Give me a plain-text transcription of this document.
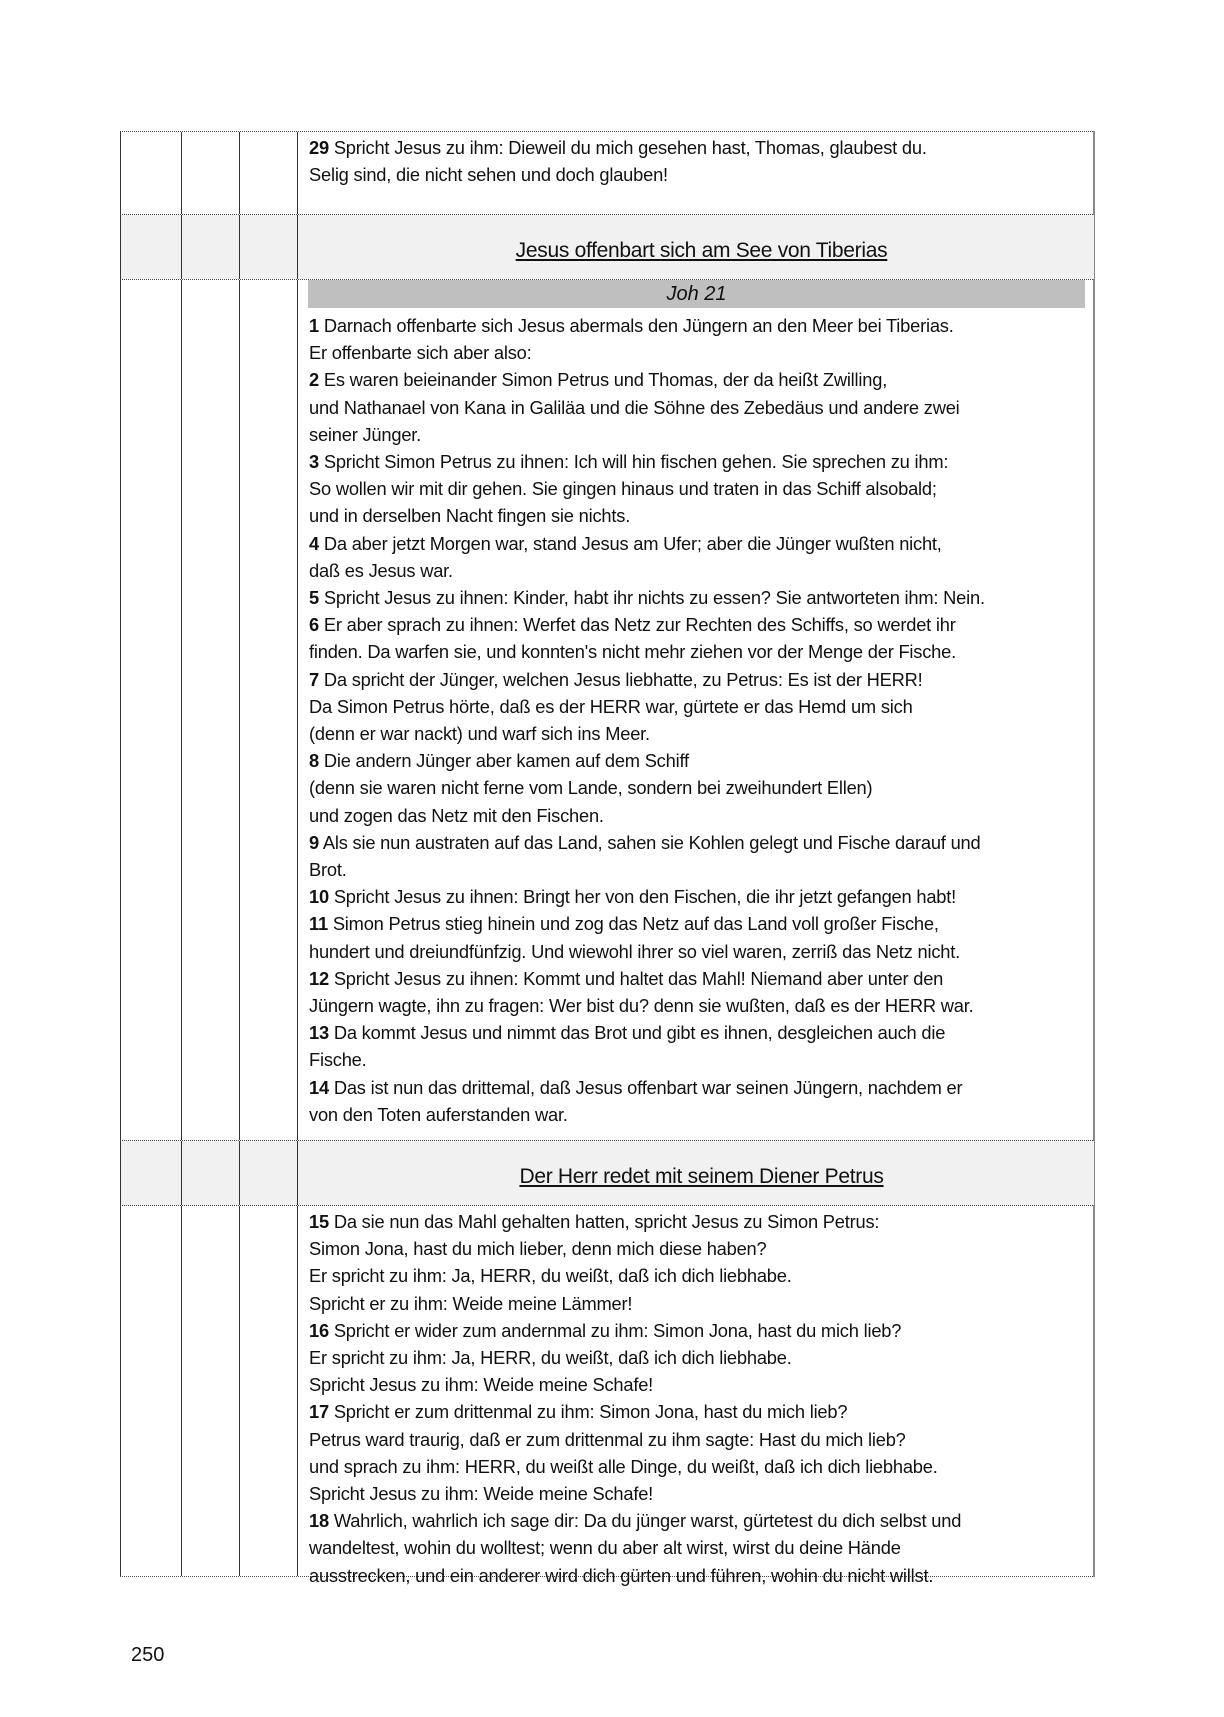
29 Spricht Jesus zu ihm: Dieweil du mich gesehen hast, Thomas, glaubest du.
Selig sind, die nicht sehen und doch glauben!
Jesus offenbart sich am See von Tiberias
Joh 21
1 Darnach offenbarte sich Jesus abermals den Jüngern an den Meer bei Tiberias.
Er offenbarte sich aber also:
2 Es waren beieinander Simon Petrus und Thomas, der da heißt Zwilling,
und Nathanael von Kana in Galiläa und die Söhne des Zebedäus und andere zwei
seiner Jünger.
3 Spricht Simon Petrus zu ihnen: Ich will hin fischen gehen. Sie sprechen zu ihm:
So wollen wir mit dir gehen. Sie gingen hinaus und traten in das Schiff alsobald;
und in derselben Nacht fingen sie nichts.
4 Da aber jetzt Morgen war, stand Jesus am Ufer; aber die Jünger wußten nicht,
daß es Jesus war.
5 Spricht Jesus zu ihnen: Kinder, habt ihr nichts zu essen? Sie antworteten ihm: Nein.
6 Er aber sprach zu ihnen: Werfet das Netz zur Rechten des Schiffs, so werdet ihr
finden. Da warfen sie, und konnten's nicht mehr ziehen vor der Menge der Fische.
7 Da spricht der Jünger, welchen Jesus liebhatte, zu Petrus: Es ist der HERR!
Da Simon Petrus hörte, daß es der HERR war, gürtete er das Hemd um sich
(denn er war nackt) und warf sich ins Meer.
8 Die andern Jünger aber kamen auf dem Schiff
(denn sie waren nicht ferne vom Lande, sondern bei zweihundert Ellen)
und zogen das Netz mit den Fischen.
9 Als sie nun austraten auf das Land, sahen sie Kohlen gelegt und Fische darauf und
Brot.
10 Spricht Jesus zu ihnen: Bringt her von den Fischen, die ihr jetzt gefangen habt!
11 Simon Petrus stieg hinein und zog das Netz auf das Land voll großer Fische,
hundert und dreiundfünfzig. Und wiewohl ihrer so viel waren, zerriß das Netz nicht.
12 Spricht Jesus zu ihnen: Kommt und haltet das Mahl! Niemand aber unter den
Jüngern wagte, ihn zu fragen: Wer bist du? denn sie wußten, daß es der HERR war.
13 Da kommt Jesus und nimmt das Brot und gibt es ihnen, desgleichen auch die
Fische.
14 Das ist nun das drittemal, daß Jesus offenbart war seinen Jüngern, nachdem er
von den Toten auferstanden war.
Der Herr redet mit seinem Diener Petrus
15 Da sie nun das Mahl gehalten hatten, spricht Jesus zu Simon Petrus:
Simon Jona, hast du mich lieber, denn mich diese haben?
Er spricht zu ihm: Ja, HERR, du weißt, daß ich dich liebhabe.
Spricht er zu ihm: Weide meine Lämmer!
16 Spricht er wider zum andernmal zu ihm: Simon Jona, hast du mich lieb?
Er spricht zu ihm: Ja, HERR, du weißt, daß ich dich liebhabe.
Spricht Jesus zu ihm: Weide meine Schafe!
17 Spricht er zum drittenmal zu ihm: Simon Jona, hast du mich lieb?
Petrus ward traurig, daß er zum drittenmal zu ihm sagte: Hast du mich lieb?
und sprach zu ihm: HERR, du weißt alle Dinge, du weißt, daß ich dich liebhabe.
Spricht Jesus zu ihm: Weide meine Schafe!
18 Wahrlich, wahrlich ich sage dir: Da du jünger warst, gürtetest du dich selbst und
wandeltest, wohin du wolltest; wenn du aber alt wirst, wirst du deine Hände
ausstrecken, und ein anderer wird dich gürten und führen, wohin du nicht willst.
250
